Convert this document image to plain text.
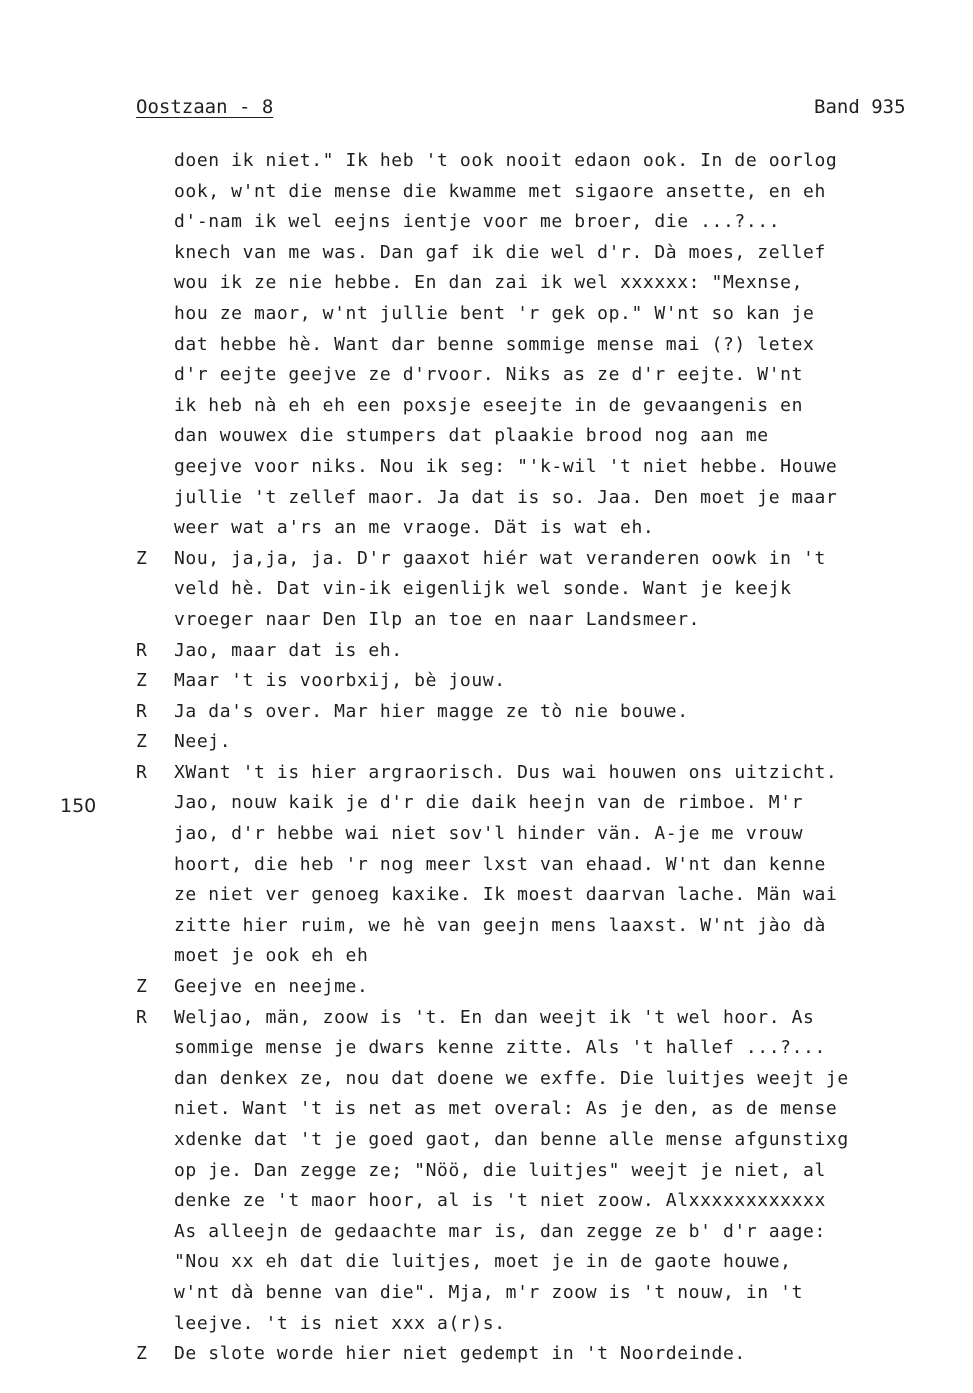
Oostzaan - 8	Band 935
150
doen ik niet." Ik heb 't ook nooit edaon ook. In de oorlog
ook, w'nt die mense die kwamme met sigaore ansette, en eh
d'-nam ik wel eejns ientje voor me broer, die ...?...
knech van me was. Dan gaf ik die wel d'r. Dà moes, zellef
wou ik ze nie hebbe. En dan zai ik wel xxxxxx: "Mexnse,
hou ze maor, w'nt jullie bent 'r gek op." W'nt so kan je
dat hebbe hè. Want dar benne sommige mense mai (?) letex
d'r eejte geejve ze d'rvoor. Niks as ze d'r eejte. W'nt
ik heb nà eh eh een poxsje eseejte in de gevaangenis en
dan wouwex die stumpers dat plaakie brood nog aan me
geejve voor niks. Nou ik seg: "'k-wil 't niet hebbe. Houwe
jullie 't zellef maor. Ja dat is so. Jaa. Den moet je maar
weer wat a'rs an me vraoge. Dät is wat eh.
Z	Nou, ja,ja, ja. D'r gaaxot hiér wat veranderen oowk in 't
veld hè. Dat vin-ik eigenlijk wel sonde. Want je keejk
vroeger naar Den Ilp an toe en naar Landsmeer.
R	Jao, maar dat is eh.
Z	Maar 't is voorbxij, bè jouw.
R	Ja da's over. Mar hier magge ze tò nie bouwe.
Z	Neej.
R	XWant 't is hier argraorisch. Dus wai houwen ons uitzicht.
Jao, nouw kaik je d'r die daik heejn van de rimboe. M'r
jao, d'r hebbe wai niet sov'l hinder vän. A-je me vrouw
hoort, die heb 'r nog meer lxst van ehaad. W'nt dan kenne
ze niet ver genoeg kaxike. Ik moest daarvan lache. Män wai
zitte hier ruim, we hè van geejn mens laaxst. W'nt jào dà
moet je ook eh eh
Z	Geejve en neejme.
R	Weljao, män, zoow is 't. En dan weejt ik 't wel hoor. As
sommige mense je dwars kenne zitte. Als 't hallef ...?...
dan denkex ze, nou dat doene we exffe. Die luitjes weejt je
niet. Want 't is net as met overal: As je den, as de mense
xdenke dat 't je goed gaot, dan benne alle mense afgunstixg
op je. Dan zegge ze; "Nöö, die luitjes" weejt je niet, al
denke ze 't maor hoor, al is 't niet zoow. Alxxxxxxxxxxxx
As alleejn de gedaachte mar is, dan zegge ze b' d'r aage:
"Nou xx eh dat die luitjes, moet je in de gaote houwe,
w'nt dà benne van die". Mja, m'r zoow is 't nouw, in 't
leejve. 't is niet xxx a(r)s.
Z	De slote worde hier niet gedempt in 't Noordeinde.
